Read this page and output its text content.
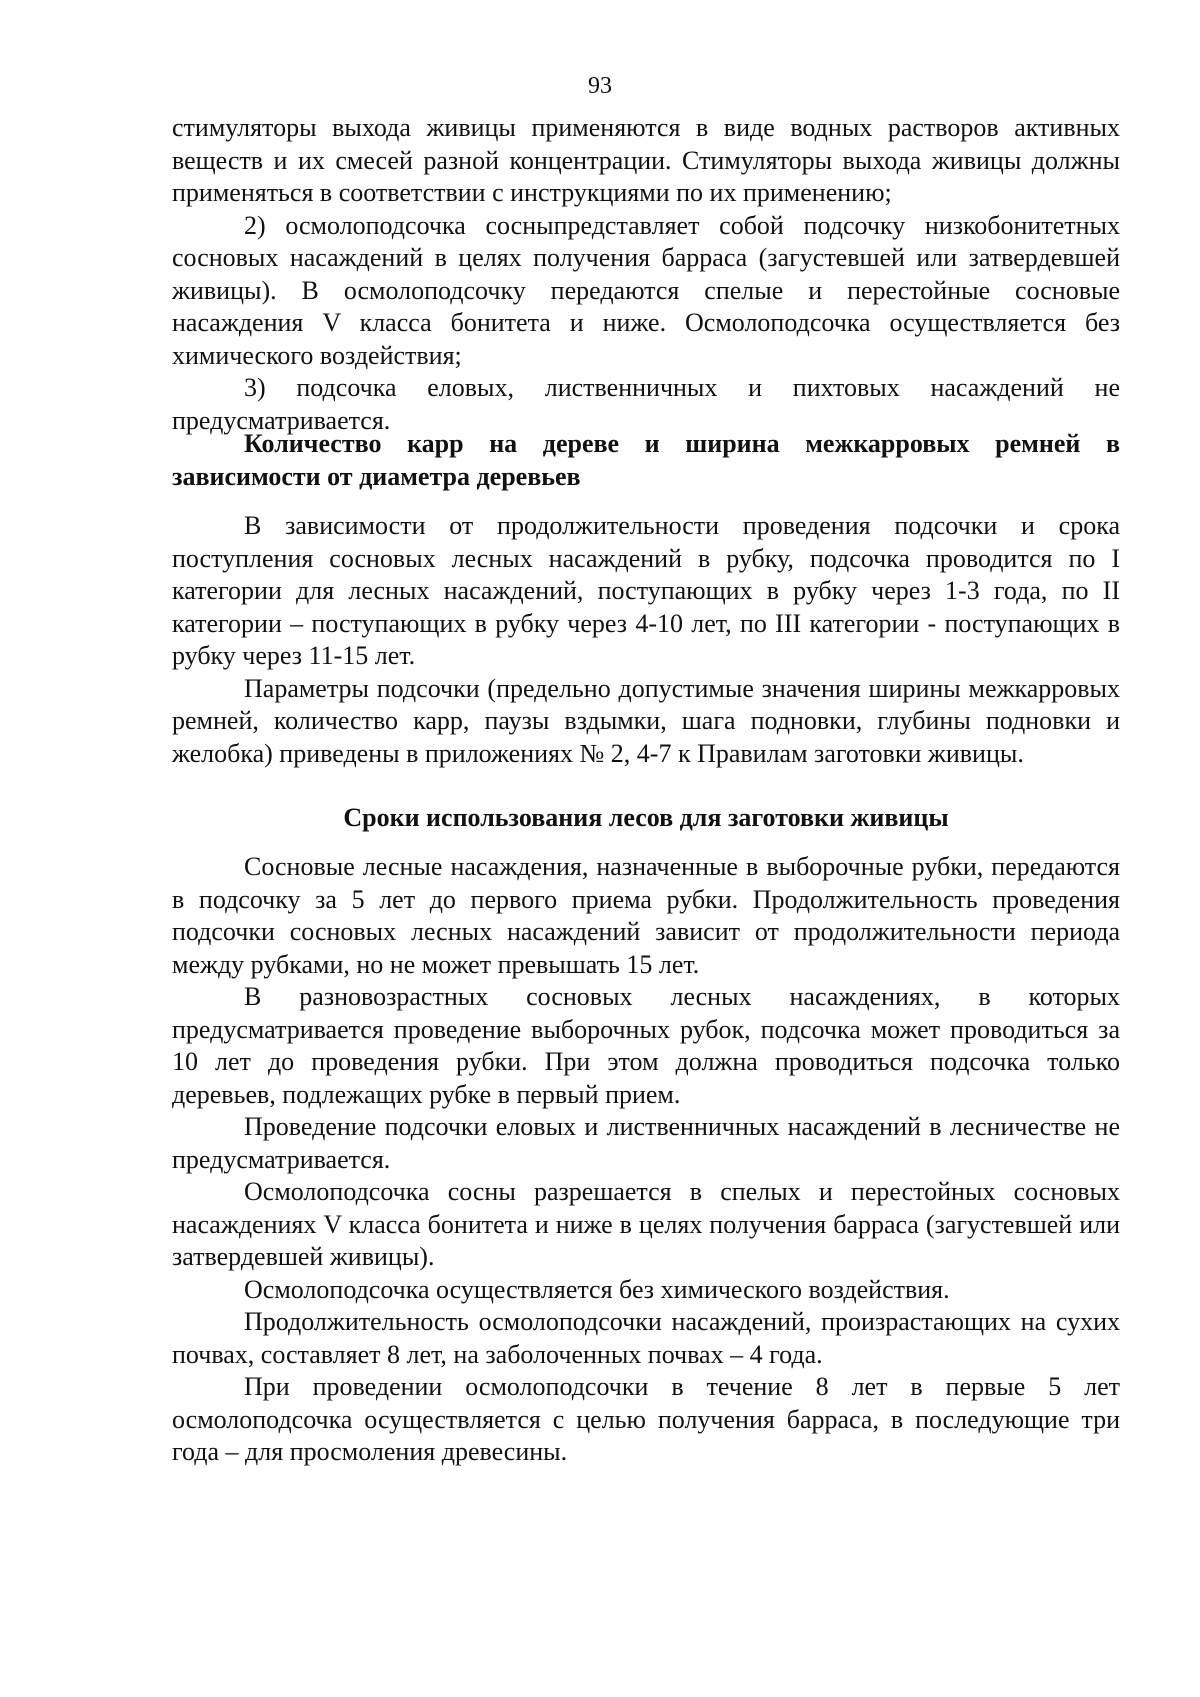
93

стимуляторы выхода живицы применяются в виде водных растворов активных веществ и их смесей разной концентрации. Стимуляторы выхода живицы должны применяться в соответствии с инструкциями по их применению;

2) осмолоподсочка сосныпредставляет собой подсочку низкобонитетных сосновых насаждений в целях получения барраса (загустевшей или затвердевшей живицы). В осмолоподсочку передаются спелые и перестойные сосновые насаждения V класса бонитета и ниже. Осмолоподсочка осуществляется без химического воздействия;

3) подсочка еловых, лиственничных и пихтовых насаждений не предусматривается.

Количество карр на дереве и ширина межкарровых ремней в зависимости от диаметра деревьев

В зависимости от продолжительности проведения подсочки и срока поступления сосновых лесных насаждений в рубку, подсочка проводится по I категории для лесных насаждений, поступающих в рубку через 1-3 года, по II категории – поступающих в рубку через 4-10 лет, по III категории - поступающих в рубку через 11-15 лет.

Параметры подсочки (предельно допустимые значения ширины межкарровых ремней, количество карр, паузы вздымки, шага подновки, глубины подновки и желобка) приведены в приложениях № 2, 4-7 к Правилам заготовки живицы.

Сроки использования лесов для заготовки живицы

Сосновые лесные насаждения, назначенные в выборочные рубки, передаются в подсочку за 5 лет до первого приема рубки. Продолжительность проведения подсочки сосновых лесных насаждений зависит от продолжительности периода между рубками, но не может превышать 15 лет.

В разновозрастных сосновых лесных насаждениях, в которых предусматривается проведение выборочных рубок, подсочка может проводиться за 10 лет до проведения рубки. При этом должна проводиться подсочка только деревьев, подлежащих рубке в первый прием.

Проведение подсочки еловых и лиственничных насаждений в лесничестве не предусматривается.

Осмолоподсочка сосны разрешается в спелых и перестойных сосновых насаждениях V класса бонитета и ниже в целях получения барраса (загустевшей или затвердевшей живицы).

Осмолоподсочка осуществляется без химического воздействия.

Продолжительность осмолоподсочки насаждений, произрастающих на сухих почвах, составляет 8 лет, на заболоченных почвах – 4 года.

При проведении осмолоподсочки в течение 8 лет в первые 5 лет осмолоподсочка осуществляется с целью получения барраса, в последующие три года – для просмоления древесины.
